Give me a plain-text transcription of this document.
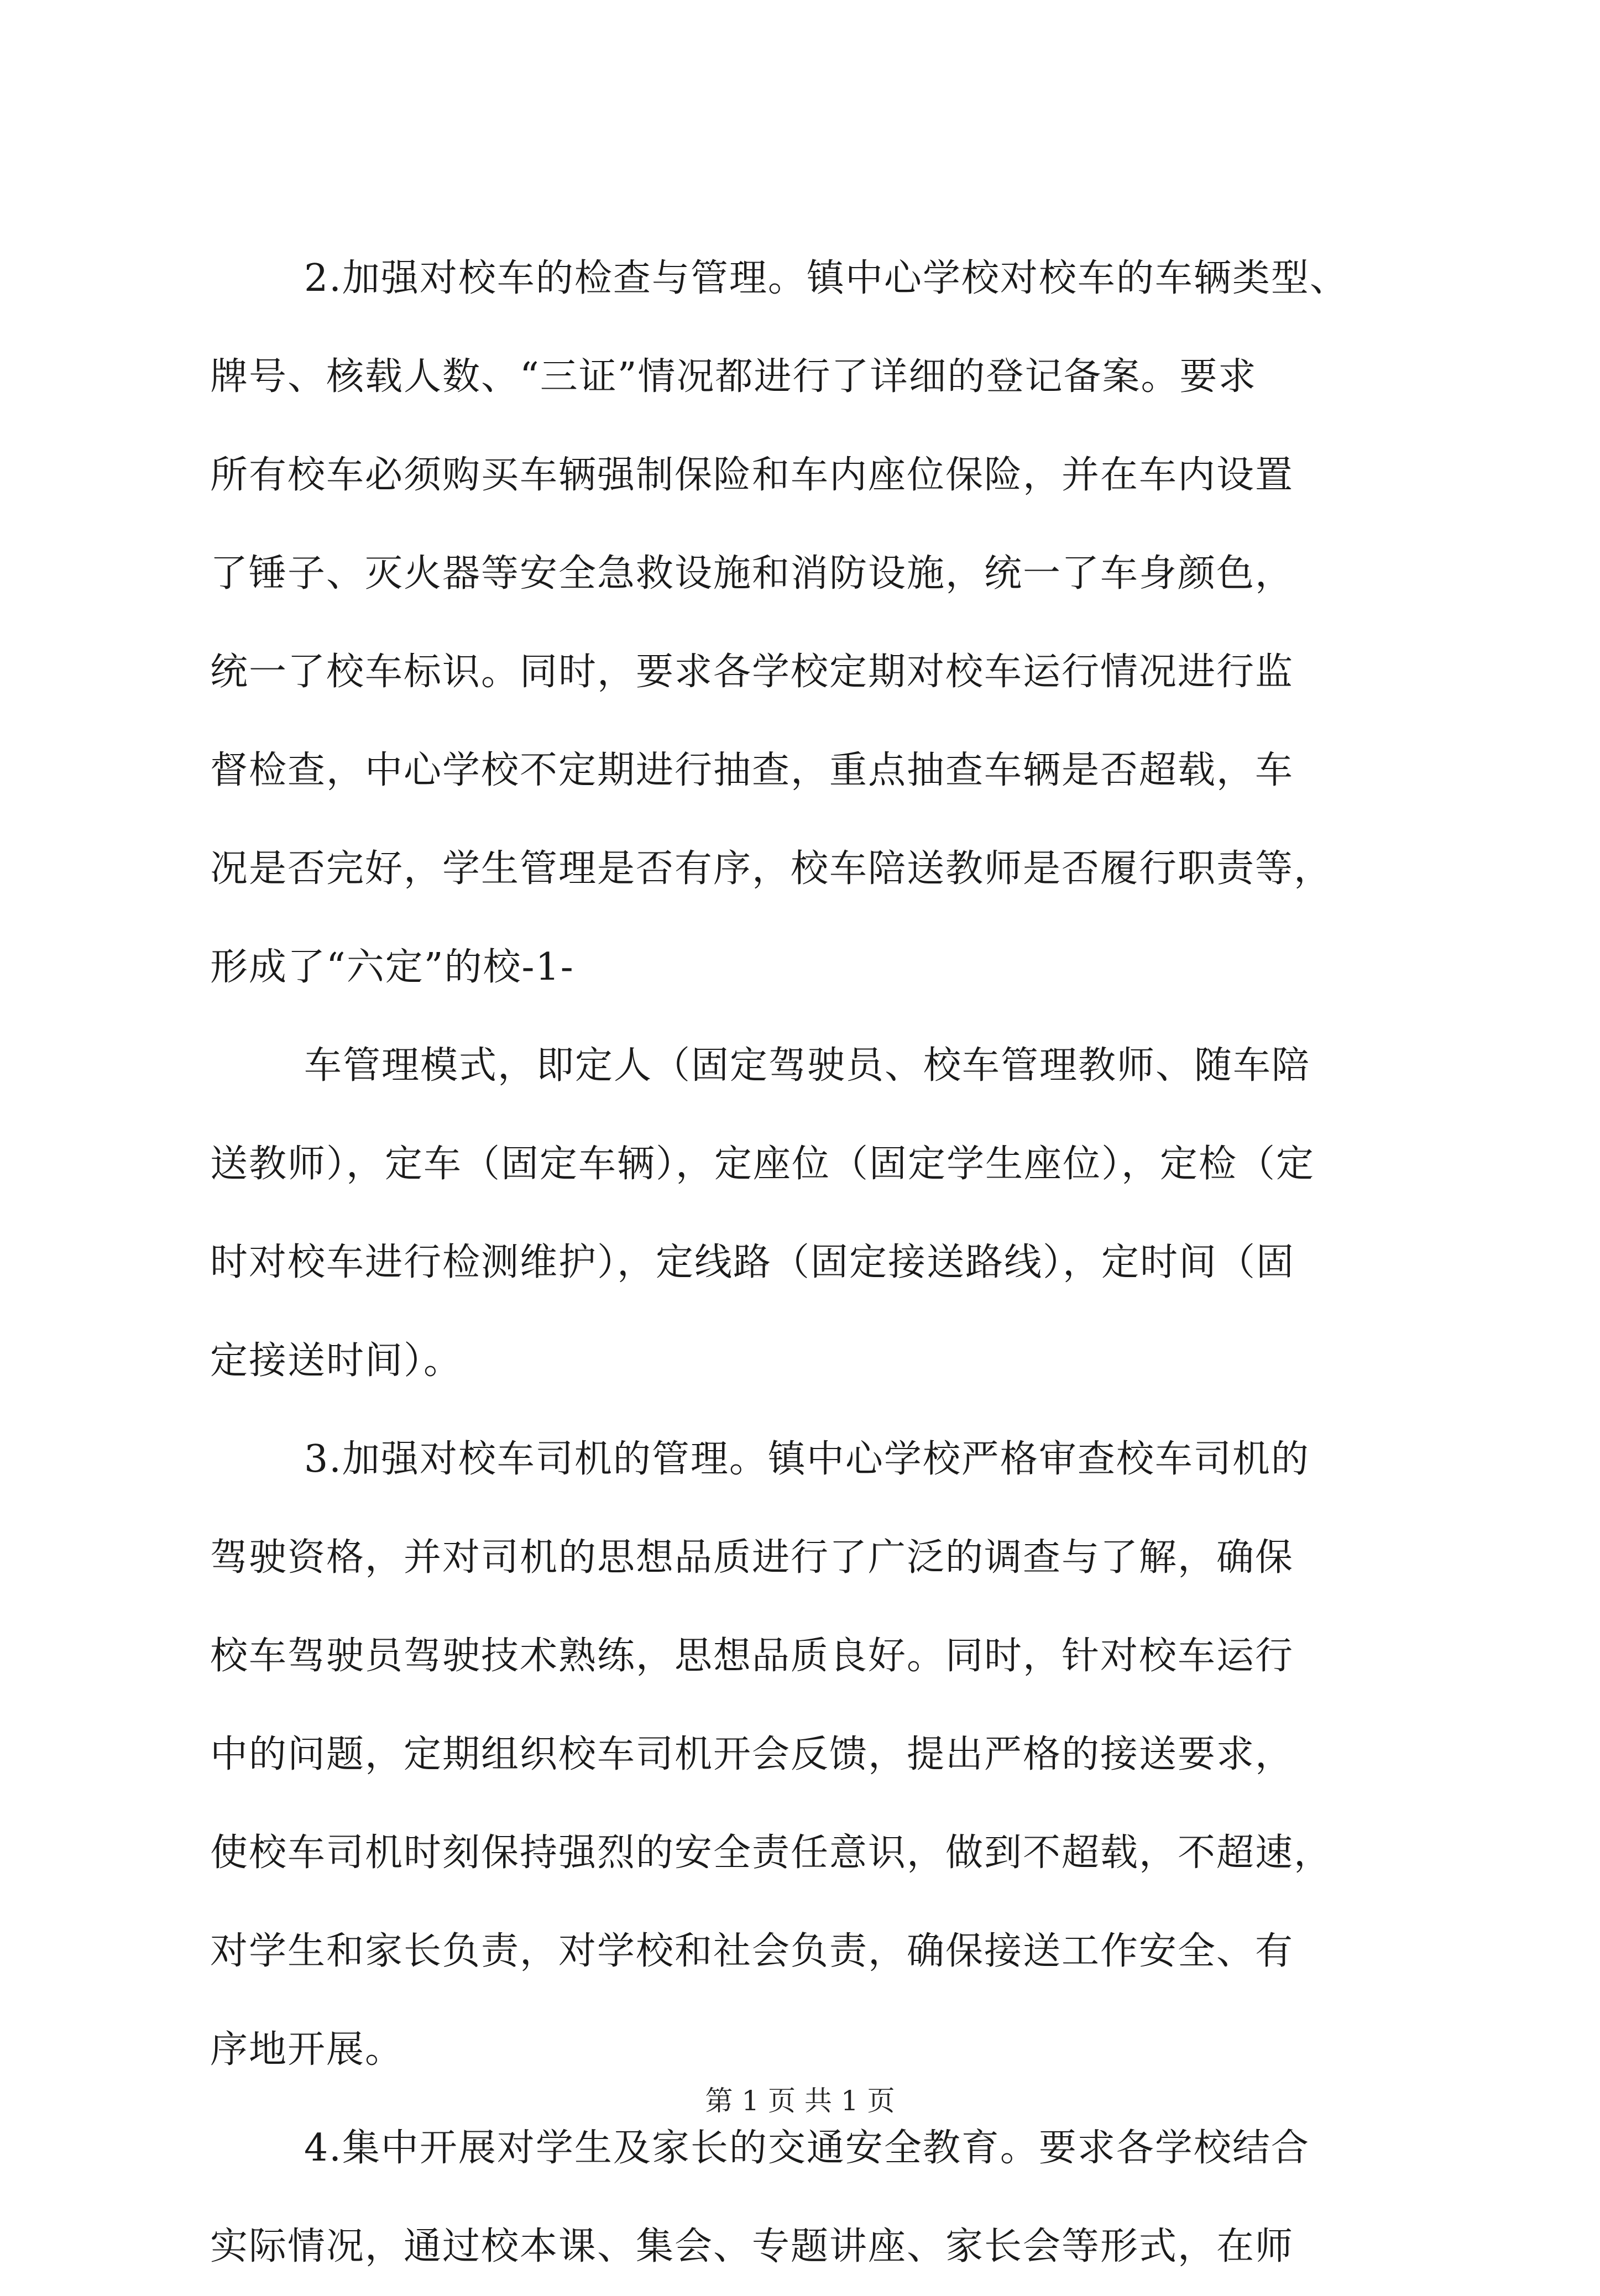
2.加强对校车的检查与管理。镇中心学校对校车的车辆类型、
牌号、核载人数、“三证”情况都进行了详细的登记备案。要求
所有校车必须购买车辆强制保险和车内座位保险，并在车内设置
了锤子、灭火器等安全急救设施和消防设施，统一了车身颜色，
统一了校车标识。同时，要求各学校定期对校车运行情况进行监
督检查，中心学校不定期进行抽查，重点抽查车辆是否超载，车
况是否完好，学生管理是否有序，校车陪送教师是否履行职责等，
形成了“六定”的校-1-
车管理模式，即定人（固定驾驶员、校车管理教师、随车陪
送教师），定车（固定车辆），定座位（固定学生座位），定检（定
时对校车进行检测维护），定线路（固定接送路线），定时间（固
定接送时间）。
3.加强对校车司机的管理。镇中心学校严格审查校车司机的
驾驶资格，并对司机的思想品质进行了广泛的调查与了解，确保
校车驾驶员驾驶技术熟练，思想品质良好。同时，针对校车运行
中的问题，定期组织校车司机开会反馈，提出严格的接送要求，
使校车司机时刻保持强烈的安全责任意识，做到不超载，不超速，
对学生和家长负责，对学校和社会负责，确保接送工作安全、有
序地开展。
4.集中开展对学生及家长的交通安全教育。要求各学校结合
实际情况，通过校本课、集会、专题讲座、家长会等形式，在师
第 1 页 共 1 页
